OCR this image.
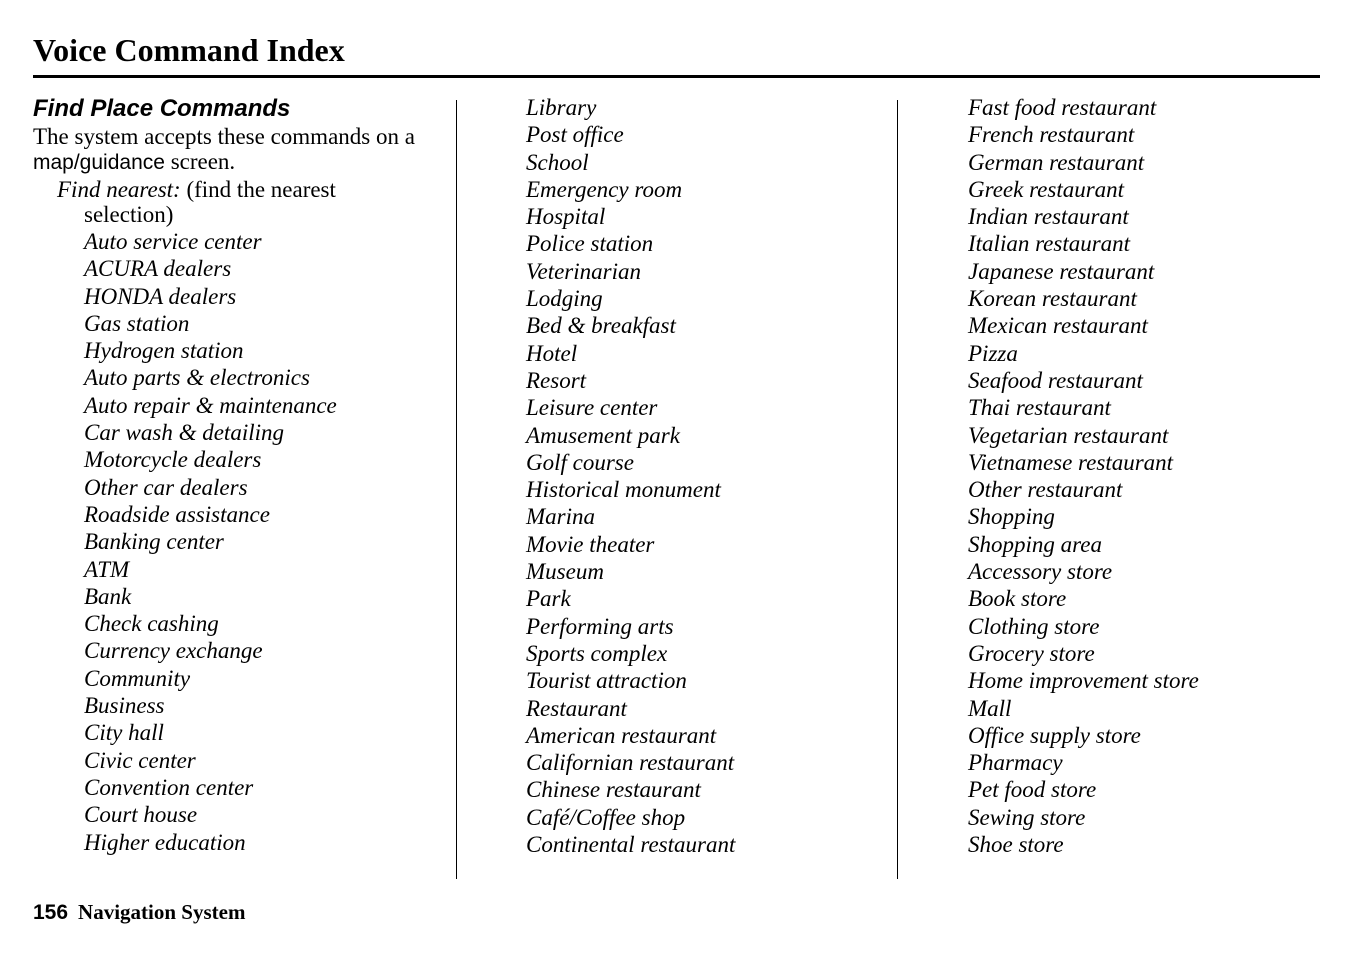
Voice Command Index
Find Place Commands

The system accepts these commands on a map/guidance screen.

Find nearest: (find the nearest
selection)

Auto service center
ACURA dealers
HONDA dealers
Gas station
Hydrogen station
Auto parts & electronics
Auto repair & maintenance
Car wash & detailing
Motorcycle dealers
Other car dealers
Roadside assistance
Banking center
ATM
Bank
Check cashing
Currency exchange
Community
Business
City hall
Civic center
Convention center
Court house
Higher education
Library
Post office
School
Emergency room
Hospital
Police station
Veterinarian
Lodging
Bed & breakfast
Hotel
Resort
Leisure center
Amusement park
Golf course
Historical monument
Marina
Movie theater
Museum
Park
Performing arts
Sports complex
Tourist attraction
Restaurant
American restaurant
Californian restaurant
Chinese restaurant
Café/Coffee shop
Continental restaurant
Fast food restaurant
French restaurant
German restaurant
Greek restaurant
Indian restaurant
Italian restaurant
Japanese restaurant
Korean restaurant
Mexican restaurant
Pizza
Seafood restaurant
Thai restaurant
Vegetarian restaurant
Vietnamese restaurant
Other restaurant
Shopping
Shopping area
Accessory store
Book store
Clothing store
Grocery store
Home improvement store
Mall
Office supply store
Pharmacy
Pet food store
Sewing store
Shoe store
156 Navigation System
